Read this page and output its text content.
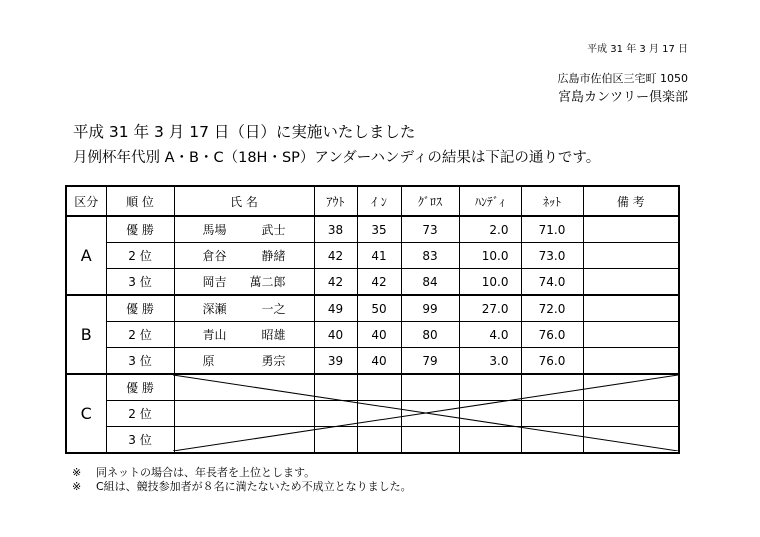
平成 31 年 3 月 17 日
広島市佐伯区三宅町 1050
宮島カンツリー倶楽部
平成 31 年 3 月 17 日（日）に実施いたしました
月例杯年代別 A・B・C（18H・SP）アンダーハンディの結果は下記の通りです。
区分	順 位	氏 名	ｱｳﾄ	ｲ ﾝ	ｸﾞﾛｽ	ﾊﾝﾃﾞｨ	ﾈｯﾄ	備 考
A	優 勝	馬場 武士	38	35	73	2.0	71.0	
	2 位	倉谷 静緒	42	41	83	10.0	73.0	
	3 位	岡吉 萬二郎	42	42	84	10.0	74.0	
B	優 勝	深瀬 一之	49	50	99	27.0	72.0	
	2 位	青山 昭雄	40	40	80	4.0	76.0	
	3 位	原 勇宗	39	40	79	3.0	76.0	
C	優 勝							
	2 位							
	3 位							
※ 同ネットの場合は、年長者を上位とします。
※ C組は、競技参加者が８名に満たないため不成立となりました。
